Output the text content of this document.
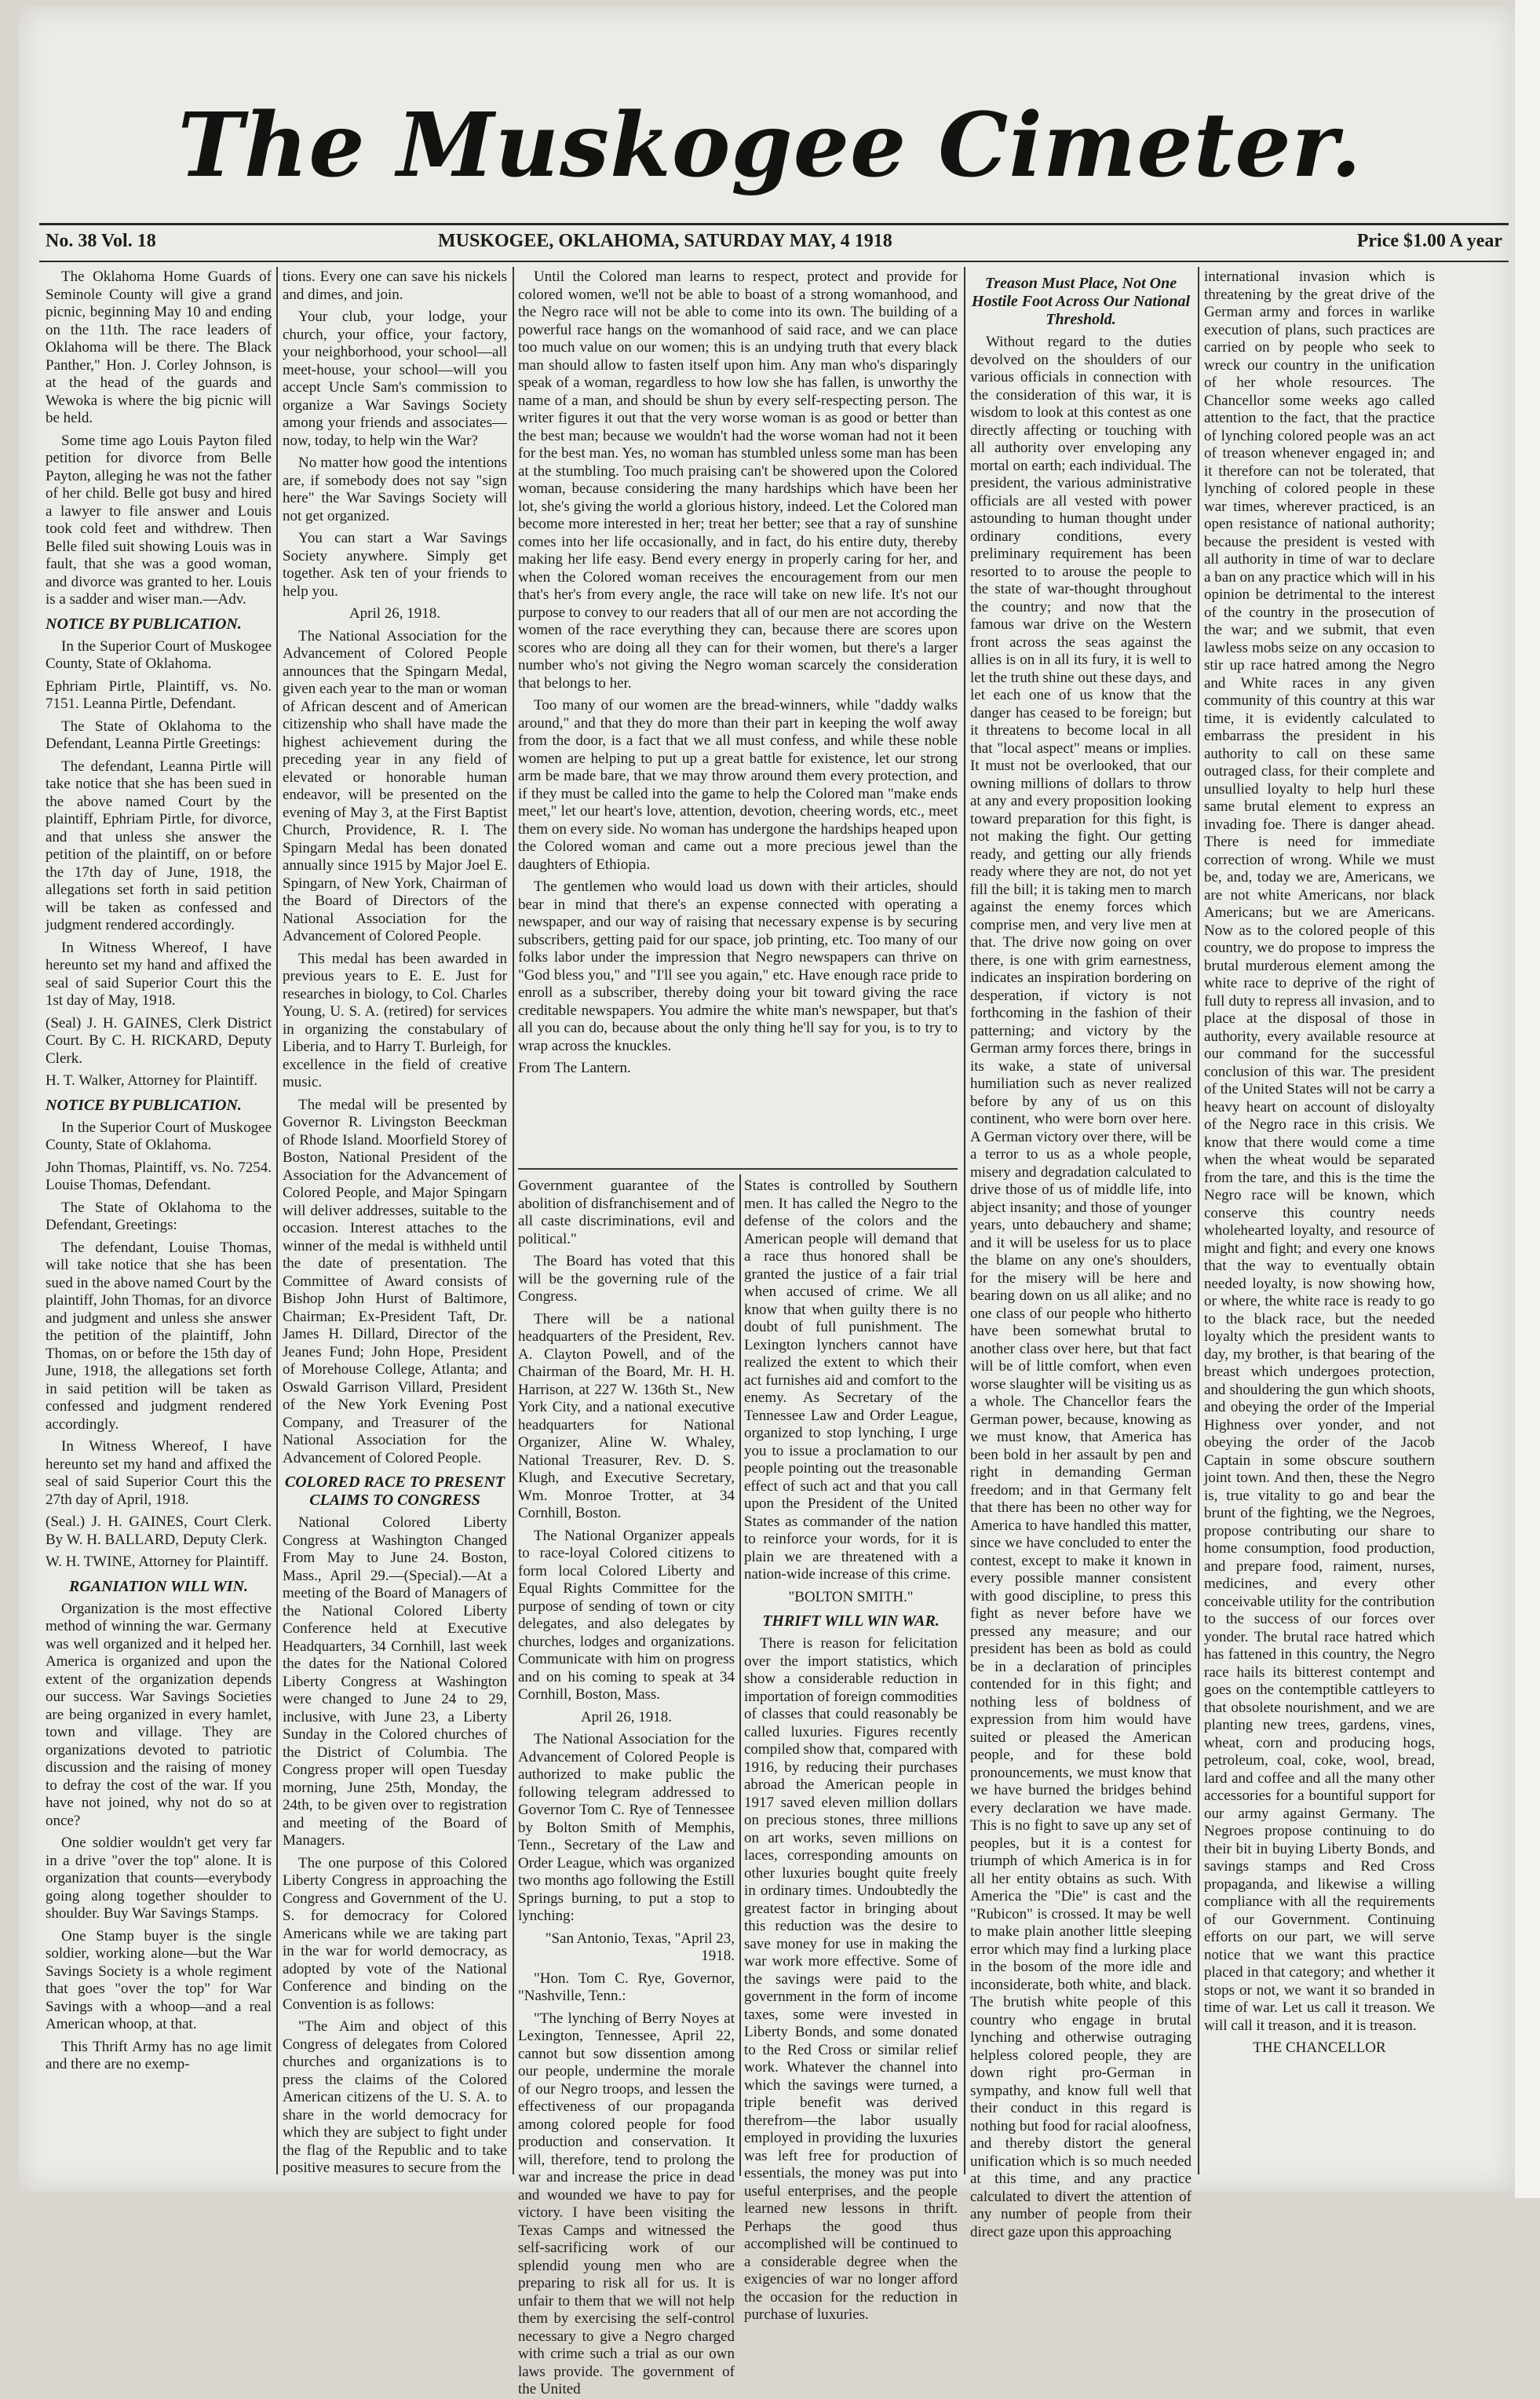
The Muskogee Cimeter.
No. 38 Vol. 18	MUSKOGEE, OKLAHOMA, SATURDAY MAY, 4 1918	Price $1.00 A year

The Oklahoma Home Guards of Seminole County will give a grand picnic, beginning May 10 and ending on the 11th. The race leaders of Oklahoma will be there. The Black Panther," Hon. J. Corley Johnson, is at the head of the guards and Wewoka is where the big picnic will be held.

Some time ago Louis Payton filed petition for divorce from Belle Payton, alleging he was not the father of her child. Belle got busy and hired a lawyer to file answer and Louis took cold feet and withdrew. Then Belle filed suit showing Louis was in fault, that she was a good woman, and divorce was granted to her. Louis is a sadder and wiser man.—Adv.

NOTICE BY PUBLICATION.

In the Superior Court of Muskogee County, State of Oklahoma.

Ephriam Pirtle, Plaintiff, vs. No. 7151. Leanna Pirtle, Defendant.

The State of Oklahoma to the Defendant, Leanna Pirtle Greetings:

The defendant, Leanna Pirtle will take notice that she has been sued in the above named Court by the plaintiff, Ephriam Pirtle, for divorce, and that unless she answer the petition of the plaintiff, on or before the 17th day of June, 1918, the allegations set forth in said petition will be taken as confessed and judgment rendered accordingly.

In Witness Whereof, I have hereunto set my hand and affixed the seal of said Superior Court this the 1st day of May, 1918.

(Seal) J. H. GAINES, Clerk District Court. By C. H. RICKARD, Deputy Clerk.

H. T. Walker, Attorney for Plaintiff.

NOTICE BY PUBLICATION.

In the Superior Court of Muskogee County, State of Oklahoma.

John Thomas, Plaintiff, vs. No. 7254. Louise Thomas, Defendant.

The State of Oklahoma to the Defendant, Greetings:

The defendant, Louise Thomas, will take notice that she has been sued in the above named Court by the plaintiff, John Thomas, for an divorce and judgment and unless she answer the petition of the plaintiff, John Thomas, on or before the 15th day of June, 1918, the allegations set forth in said petition will be taken as confessed and judgment rendered accordingly.

In Witness Whereof, I have hereunto set my hand and affixed the seal of said Superior Court this the 27th day of April, 1918.

(Seal.) J. H. GAINES, Court Clerk. By W. H. BALLARD, Deputy Clerk.

W. H. TWINE, Attorney for Plaintiff.

RGANIATION WILL WIN.

Organization is the most effective method of winning the war. Germany was well organized and it helped her. America is organized and upon the extent of the organization depends our success. War Savings Societies are being organized in every hamlet, town and village. They are organizations devoted to patriotic discussion and the raising of money to defray the cost of the war. If you have not joined, why not do so at once?

One soldier wouldn't get very far in a drive "over the top" alone. It is organization that counts—everybody going along together shoulder to shoulder. Buy War Savings Stamps.

One Stamp buyer is the single soldier, working alone—but the War Savings Society is a whole regiment that goes "over the top" for War Savings with a whoop—and a real American whoop, at that.

This Thrift Army has no age limit and there are no exemp-

tions. Every one can save his nickels and dimes, and join.

Your club, your lodge, your church, your office, your factory, your neighborhood, your school—all meet-house, your school—will you accept Uncle Sam's commission to organize a War Savings Society among your friends and associates—now, today, to help win the War?

No matter how good the intentions are, if somebody does not say "sign here" the War Savings Society will not get organized.

You can start a War Savings Society anywhere. Simply get together. Ask ten of your friends to help you.

April 26, 1918.

The National Association for the Advancement of Colored People announces that the Spingarn Medal, given each year to the man or woman of African descent and of American citizenship who shall have made the highest achievement during the preceding year in any field of elevated or honorable human endeavor, will be presented on the evening of May 3, at the First Baptist Church, Providence, R. I. The Spingarn Medal has been donated annually since 1915 by Major Joel E. Spingarn, of New York, Chairman of the Board of Directors of the National Association for the Advancement of Colored People.

This medal has been awarded in previous years to E. E. Just for researches in biology, to Col. Charles Young, U. S. A. (retired) for services in organizing the constabulary of Liberia, and to Harry T. Burleigh, for excellence in the field of creative music.

The medal will be presented by Governor R. Livingston Beeckman of Rhode Island. Moorfield Storey of Boston, National President of the Association for the Advancement of Colored People, and Major Spingarn will deliver addresses, suitable to the occasion. Interest attaches to the winner of the medal is withheld until the date of presentation. The Committee of Award consists of Bishop John Hurst of Baltimore, Chairman; Ex-President Taft, Dr. James H. Dillard, Director of the Jeanes Fund; John Hope, President of Morehouse College, Atlanta; and Oswald Garrison Villard, President of the New York Evening Post Company, and Treasurer of the National Association for the Advancement of Colored People.

COLORED RACE TO PRESENT CLAIMS TO CONGRESS

National Colored Liberty Congress at Washington Changed From May to June 24. Boston, Mass., April 29.—(Special).—At a meeting of the Board of Managers of the National Colored Liberty Conference held at Executive Headquarters, 34 Cornhill, last week the dates for the National Colored Liberty Congress at Washington were changed to June 24 to 29, inclusive, with June 23, a Liberty Sunday in the Colored churches of the District of Columbia. The Congress proper will open Tuesday morning, June 25th, Monday, the 24th, to be given over to registration and meeting of the Board of Managers.

The one purpose of this Colored Liberty Congress in approaching the Congress and Government of the U. S. for democracy for Colored Americans while we are taking part in the war for world democracy, as adopted by vote of the National Conference and binding on the Convention is as follows:

"The Aim and object of this Congress of delegates from Colored churches and organizations is to press the claims of the Colored American citizens of the U. S. A. to share in the world democracy for which they are subject to fight under the flag of the Republic and to take positive measures to secure from the

Until the Colored man learns to respect, protect and provide for colored women, we'll not be able to boast of a strong womanhood, and the Negro race will not be able to come into its own. The building of a powerful race hangs on the womanhood of said race, and we can place too much value on our women; this is an undying truth that every black man should allow to fasten itself upon him. Any man who's disparingly speak of a woman, regardless to how low she has fallen, is unworthy the name of a man, and should be shun by every self-respecting person. The writer figures it out that the very worse woman is as good or better than the best man; because we wouldn't had the worse woman had not it been for the best man. Yes, no woman has stumbled unless some man has been at the stumbling. Too much praising can't be showered upon the Colored woman, because considering the many hardships which have been her lot, she's giving the world a glorious history, indeed. Let the Colored man become more interested in her; treat her better; see that a ray of sunshine comes into her life occasionally, and in fact, do his entire duty, thereby making her life easy. Bend every energy in properly caring for her, and when the Colored woman receives the encouragement from our men that's her's from every angle, the race will take on new life. It's not our purpose to convey to our readers that all of our men are not according the women of the race everything they can, because there are scores upon scores who are doing all they can for their women, but there's a larger number who's not giving the Negro woman scarcely the consideration that belongs to her.

Too many of our women are the bread-winners, while "daddy walks around," and that they do more than their part in keeping the wolf away from the door, is a fact that we all must confess, and while these noble women are helping to put up a great battle for existence, let our strong arm be made bare, that we may throw around them every protection, and if they must be called into the game to help the Colored man "make ends meet," let our heart's love, attention, devotion, cheering words, etc., meet them on every side. No woman has undergone the hardships heaped upon the Colored woman and came out a more precious jewel than the daughters of Ethiopia.

The gentlemen who would load us down with their articles, should bear in mind that there's an expense connected with operating a newspaper, and our way of raising that necessary expense is by securing subscribers, getting paid for our space, job printing, etc. Too many of our folks labor under the impression that Negro newspapers can thrive on "God bless you," and "I'll see you again," etc. Have enough race pride to enroll as a subscriber, thereby doing your bit toward giving the race creditable newspapers. You admire the white man's newspaper, but that's all you can do, because about the only thing he'll say for you, is to try to wrap across the knuckles.

From The Lantern.

Government guarantee of the abolition of disfranchisement and of all caste discriminations, evil and political."

The Board has voted that this will be the governing rule of the Congress.

There will be a national headquarters of the President, Rev. A. Clayton Powell, and of the Chairman of the Board, Mr. H. H. Harrison, at 227 W. 136th St., New York City, and a national executive headquarters for National Organizer, Aline W. Whaley, National Treasurer, Rev. D. S. Klugh, and Executive Secretary, Wm. Monroe Trotter, at 34 Cornhill, Boston.

The National Organizer appeals to race-loyal Colored citizens to form local Colored Liberty and Equal Rights Committee for the purpose of sending of town or city delegates, and also delegates by churches, lodges and organizations. Communicate with him on progress and on his coming to speak at 34 Cornhill, Boston, Mass.

April 26, 1918.

The National Association for the Advancement of Colored People is authorized to make public the following telegram addressed to Governor Tom C. Rye of Tennessee by Bolton Smith of Memphis, Tenn., Secretary of the Law and Order League, which was organized two months ago following the Estill Springs burning, to put a stop to lynching:

"San Antonio, Texas, "April 23, 1918.

"Hon. Tom C. Rye, Governor, "Nashville, Tenn.:

"The lynching of Berry Noyes at Lexington, Tennessee, April 22, cannot but sow dissention among our people, undermine the morale of our Negro troops, and lessen the effectiveness of our propaganda among colored people for food production and conservation. It will, therefore, tend to prolong the war and increase the price in dead and wounded we have to pay for victory. I have been visiting the Texas Camps and witnessed the self-sacrificing work of our splendid young men who are preparing to risk all for us. It is unfair to them that we will not help them by exercising the self-control necessary to give a Negro charged with crime such a trial as our own laws provide. The government of the United

States is controlled by Southern men. It has called the Negro to the defense of the colors and the American people will demand that a race thus honored shall be granted the justice of a fair trial when accused of crime. We all know that when guilty there is no doubt of full punishment. The Lexington lynchers cannot have realized the extent to which their act furnishes aid and comfort to the enemy. As Secretary of the Tennessee Law and Order League, organized to stop lynching, I urge you to issue a proclamation to our people pointing out the treasonable effect of such act and that you call upon the President of the United States as commander of the nation to reinforce your words, for it is plain we are threatened with a nation-wide increase of this crime.

"BOLTON SMITH."

THRIFT WILL WIN WAR.

There is reason for felicitation over the import statistics, which show a considerable reduction in importation of foreign commodities of classes that could reasonably be called luxuries. Figures recently compiled show that, compared with 1916, by reducing their purchases abroad the American people in 1917 saved eleven million dollars on precious stones, three millions on art works, seven millions on laces, corresponding amounts on other luxuries bought quite freely in ordinary times. Undoubtedly the greatest factor in bringing about this reduction was the desire to save money for use in making the war work more effective. Some of the savings were paid to the government in the form of income taxes, some were invested in Liberty Bonds, and some donated to the Red Cross or similar relief work. Whatever the channel into which the savings were turned, a triple benefit was derived therefrom—the labor usually employed in providing the luxuries was left free for production of essentials, the money was put into useful enterprises, and the people learned new lessons in thrift. Perhaps the good thus accomplished will be continued to a considerable degree when the exigencies of war no longer afford the occasion for the reduction in purchase of luxuries.

Treason Must Place, Not One Hostile Foot Across Our National Threshold.

Without regard to the duties devolved on the shoulders of our various officials in connection with the consideration of this war, it is wisdom to look at this contest as one directly affecting or touching with all authority over enveloping any mortal on earth; each individual. The president, the various administrative officials are all vested with power astounding to human thought under ordinary conditions, every preliminary requirement has been resorted to to arouse the people to the state of war-thought throughout the country; and now that the famous war drive on the Western front across the seas against the allies is on in all its fury, it is well to let the truth shine out these days, and let each one of us know that the danger has ceased to be foreign; but it threatens to become local in all that "local aspect" means or implies. It must not be overlooked, that our owning millions of dollars to throw at any and every proposition looking toward preparation for this fight, is not making the fight. Our getting ready, and getting our ally friends ready where they are not, do not yet fill the bill; it is taking men to march against the enemy forces which comprise men, and very live men at that. The drive now going on over there, is one with grim earnestness, indicates an inspiration bordering on desperation, if victory is not forthcoming in the fashion of their patterning; and victory by the German army forces there, brings in its wake, a state of universal humiliation such as never realized before by any of us on this continent, who were born over here. A German victory over there, will be a terror to us as a whole people, misery and degradation calculated to drive those of us of middle life, into abject insanity; and those of younger years, unto debauchery and shame; and it will be useless for us to place the blame on any one's shoulders, for the misery will be here and bearing down on us all alike; and no one class of our people who hitherto have been somewhat brutal to another class over here, but that fact will be of little comfort, when even worse slaughter will be visiting us as a whole. The Chancellor fears the German power, because, knowing as we must know, that America has been bold in her assault by pen and right in demanding German freedom; and in that Germany felt that there has been no other way for America to have handled this matter, since we have concluded to enter the contest, except to make it known in every possible manner consistent with good discipline, to press this fight as never before have we pressed any measure; and our president has been as bold as could be in a declaration of principles contended for in this fight; and nothing less of boldness of expression from him would have suited or pleased the American people, and for these bold pronouncements, we must know that we have burned the bridges behind every declaration we have made. This is no fight to save up any set of peoples, but it is a contest for triumph of which America is in for all her entity obtains as such. With America the "Die" is cast and the "Rubicon" is crossed. It may be well to make plain another little sleeping error which may find a lurking place in the bosom of the more idle and inconsiderate, both white, and black. The brutish white people of this country who engage in brutal lynching and otherwise outraging helpless colored people, they are down right pro-German in sympathy, and know full well that their conduct in this regard is nothing but food for racial aloofness, and thereby distort the general unification which is so much needed at this time, and any practice calculated to divert the attention of any number of people from their direct gaze upon this approaching

international invasion which is threatening by the great drive of the German army and forces in warlike execution of plans, such practices are carried on by people who seek to wreck our country in the unification of her whole resources. The Chancellor some weeks ago called attention to the fact, that the practice of lynching colored people was an act of treason whenever engaged in; and it therefore can not be tolerated, that lynching of colored people in these war times, wherever practiced, is an open resistance of national authority; because the president is vested with all authority in time of war to declare a ban on any practice which will in his opinion be detrimental to the interest of the country in the prosecution of the war; and we submit, that even lawless mobs seize on any occasion to stir up race hatred among the Negro and White races in any given community of this country at this war time, it is evidently calculated to embarrass the president in his authority to call on these same outraged class, for their complete and unsullied loyalty to help hurl these same brutal element to express an invading foe. There is danger ahead. There is need for immediate correction of wrong. While we must be, and, today we are, Americans, we are not white Americans, nor black Americans; but we are Americans. Now as to the colored people of this country, we do propose to impress the brutal murderous element among the white race to deprive of the right of full duty to repress all invasion, and to place at the disposal of those in authority, every available resource at our command for the successful conclusion of this war. The president of the United States will not be carry a heavy heart on account of disloyalty of the Negro race in this crisis. We know that there would come a time when the wheat would be separated from the tare, and this is the time the Negro race will be known, which conserve this country needs wholehearted loyalty, and resource of might and fight; and every one knows that the way to eventually obtain needed loyalty, is now showing how, or where, the white race is ready to go to the black race, but the needed loyalty which the president wants to day, my brother, is that bearing of the breast which undergoes protection, and shouldering the gun which shoots, and obeying the order of the Imperial Highness over yonder, and not obeying the order of the Jacob Captain in some obscure southern joint town. And then, these the Negro is, true vitality to go and bear the brunt of the fighting, we the Negroes, propose contributing our share to home consumption, food production, and prepare food, raiment, nurses, medicines, and every other conceivable utility for the contribution to the success of our forces over yonder. The brutal race hatred which has fattened in this country, the Negro race hails its bitterest contempt and goes on the contemptible cattleyers to that obsolete nourishment, and we are planting new trees, gardens, vines, wheat, corn and producing hogs, petroleum, coal, coke, wool, bread, lard and coffee and all the many other accessories for a bountiful support for our army against Germany. The Negroes propose continuing to do their bit in buying Liberty Bonds, and savings stamps and Red Cross propaganda, and likewise a willing compliance with all the requirements of our Government. Continuing efforts on our part, we will serve notice that we want this practice placed in that category; and whether it stops or not, we want it so branded in time of war. Let us call it treason. We will call it treason, and it is treason.

THE CHANCELLOR
